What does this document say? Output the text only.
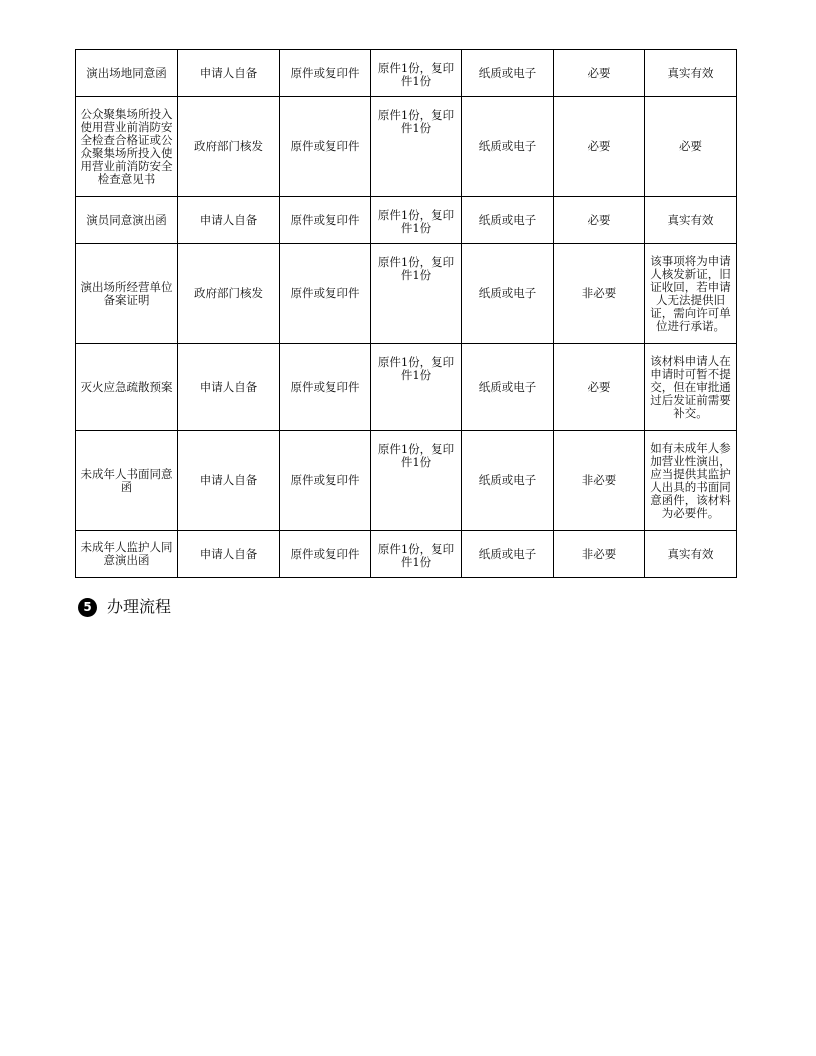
演出场地同意函	申请人自备	原件或复印件	原件1份，复印件1份	纸质或电子	必要	真实有效
公众聚集场所投入使用营业前消防安全检查合格证或公众聚集场所投入使用营业前消防安全检查意见书	政府部门核发	原件或复印件	原件1份，复印件1份	纸质或电子	必要	必要
演员同意演出函	申请人自备	原件或复印件	原件1份，复印件1份	纸质或电子	必要	真实有效
演出场所经营单位备案证明	政府部门核发	原件或复印件	原件1份，复印件1份	纸质或电子	非必要	该事项将为申请人核发新证，旧证收回，若申请人无法提供旧证，需向许可单位进行承诺。
灭火应急疏散预案	申请人自备	原件或复印件	原件1份，复印件1份	纸质或电子	必要	该材料申请人在申请时可暂不提交，但在审批通过后发证前需要补交。
未成年人书面同意函	申请人自备	原件或复印件	原件1份，复印件1份	纸质或电子	非必要	如有未成年人参加营业性演出，应当提供其监护人出具的书面同意函件，该材料为必要件。
未成年人监护人同意演出函	申请人自备	原件或复印件	原件1份，复印件1份	纸质或电子	非必要	真实有效
5 办理流程
